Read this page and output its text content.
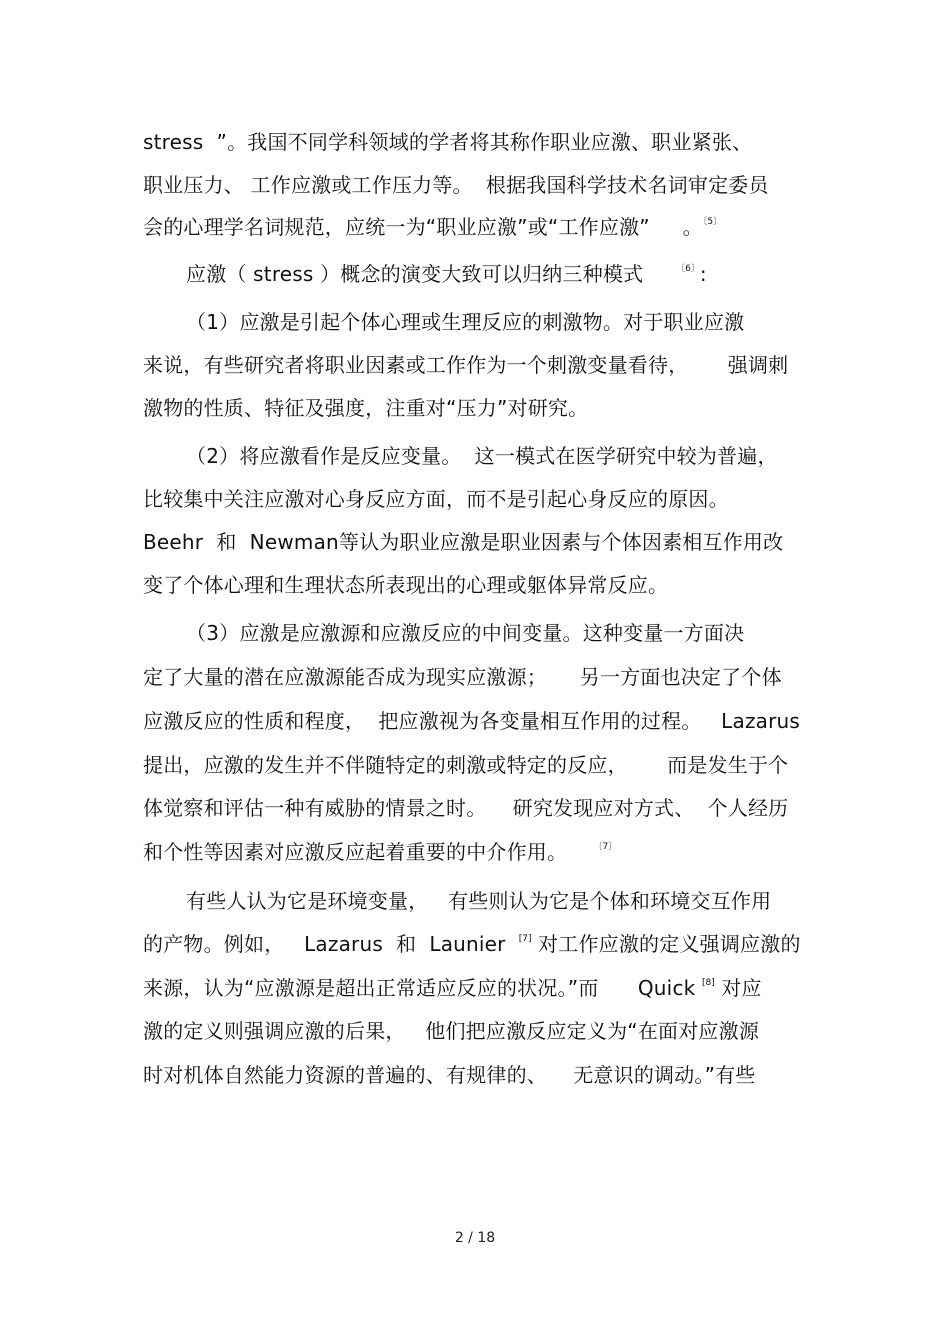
stress  ”。我国不同学科领域的学者将其称作职业应激、职业紧张、
职业压力、 工作应激或工作压力等。  根据我国科学技术名词审定委员
会的心理学名词规范，应统一为“职业应激”或“工作应激”     。$^{〔5〕}$
应激（ stress ）概念的演变大致可以归纳三种模式     $^{〔6〕}$:
（1）应激是引起个体心理或生理反应的刺激物。对于职业应激
来说，有些研究者将职业因素或工作作为一个刺激变量看待，      强调刺
激物的性质、特征及强度，注重对“压力”对研究。
（2）将应激看作是反应变量。  这一模式在医学研究中较为普遍，
比较集中关注应激对心身反应方面，而不是引起心身反应的原因。
Beehr  和  Newman等认为职业应激是职业因素与个体因素相互作用改
变了个体心理和生理状态所表现出的心理或躯体异常反应。
（3）应激是应激源和应激反应的中间变量。这种变量一方面决
定了大量的潜在应激源能否成为现实应激源；     另一方面也决定了个体
应激反应的性质和程度，  把应激视为各变量相互作用的过程。   Lazarus
提出，应激的发生并不伴随特定的刺激或特定的反应，      而是发生于个
体觉察和评估一种有威胁的情景之时。    研究发现应对方式、  个人经历
和个性等因素对应激反应起着重要的中介作用。    $^{〔7〕}$
有些人认为它是环境变量，   有些则认为它是个体和环境交互作用
的产物。例如，   Lazarus  和  Launier  [7] 对工作应激的定义强调应激的
来源，认为“应激源是超出正常适应反应的状况。”而      Quick [8] 对应
激的定义则强调应激的后果，   他们把应激反应定义为“在面对应激源
时对机体自然能力资源的普遍的、有规律的、    无意识的调动。”有些
2 / 18
